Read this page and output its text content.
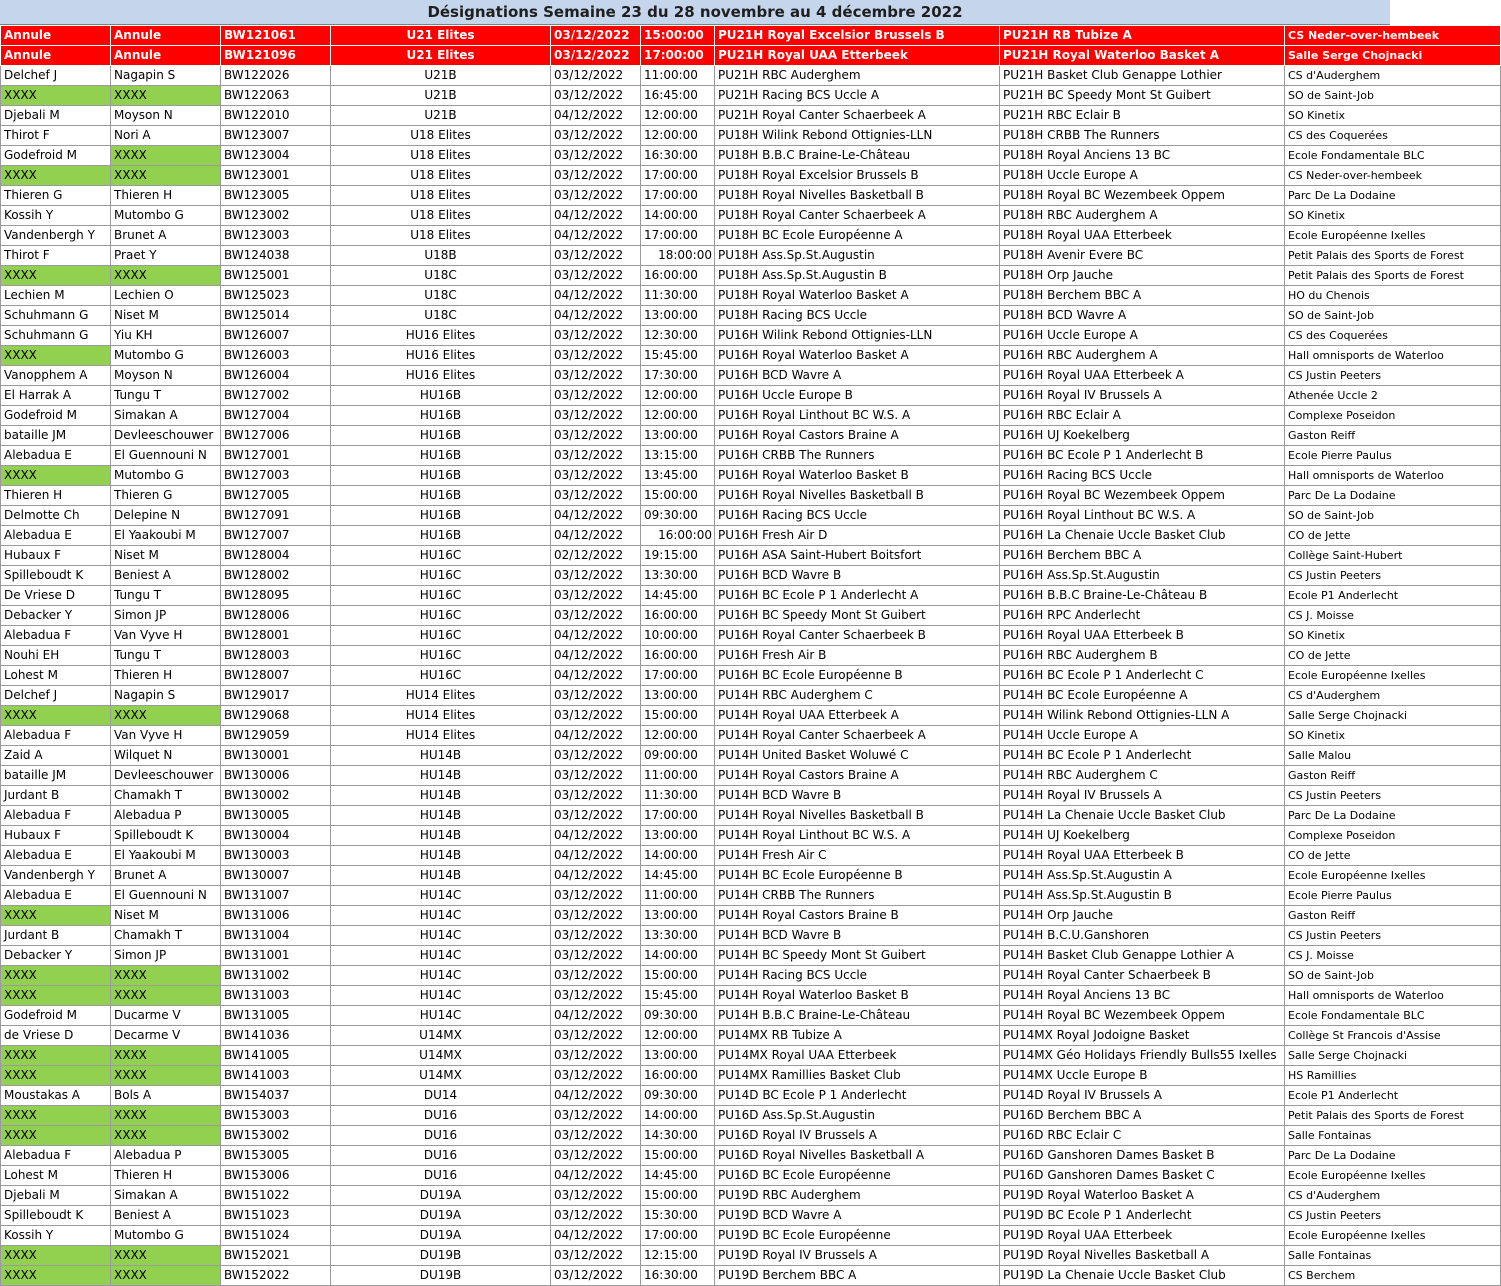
Désignations Semaine 23 du 28 novembre au 4 décembre 2022
Annule	Annule	BW121061	U21 Elites	03/12/2022	15:00:00	PU21H Royal Excelsior Brussels B	PU21H RB Tubize A	CS Neder-over-hembeek
Annule	Annule	BW121096	U21 Elites	03/12/2022	17:00:00	PU21H Royal UAA Etterbeek	PU21H Royal Waterloo Basket A	Salle Serge Chojnacki
Delchef J	Nagapin S	BW122026	U21B	03/12/2022	11:00:00	PU21H RBC Auderghem	PU21H Basket Club Genappe Lothier	CS d'Auderghem
XXXX	XXXX	BW122063	U21B	03/12/2022	16:45:00	PU21H Racing BCS Uccle A	PU21H BC Speedy Mont St Guibert	SO de Saint-Job
Djebali M	Moyson N	BW122010	U21B	04/12/2022	12:00:00	PU21H Royal Canter Schaerbeek A	PU21H RBC Eclair B	SO Kinetix
Thirot F	Nori A	BW123007	U18 Elites	03/12/2022	12:00:00	PU18H Wilink Rebond Ottignies-LLN	PU18H CRBB The Runners	CS des Coquerées
Godefroid M	XXXX	BW123004	U18 Elites	03/12/2022	16:30:00	PU18H B.B.C Braine-Le-Château	PU18H Royal Anciens 13 BC	Ecole Fondamentale BLC
XXXX	XXXX	BW123001	U18 Elites	03/12/2022	17:00:00	PU18H Royal Excelsior Brussels B	PU18H Uccle Europe A	CS Neder-over-hembeek
Thieren G	Thieren H	BW123005	U18 Elites	03/12/2022	17:00:00	PU18H Royal Nivelles Basketball B	PU18H Royal BC Wezembeek Oppem	Parc De La Dodaine
Kossih Y	Mutombo G	BW123002	U18 Elites	04/12/2022	14:00:00	PU18H Royal Canter Schaerbeek A	PU18H RBC Auderghem A	SO Kinetix
Vandenbergh Y	Brunet A	BW123003	U18 Elites	04/12/2022	17:00:00	PU18H BC Ecole Européenne A	PU18H Royal UAA Etterbeek	Ecole Européenne Ixelles
Thirot F	Praet Y	BW124038	U18B	03/12/2022	18:00:00	PU18H Ass.Sp.St.Augustin	PU18H Avenir Evere BC	Petit Palais des Sports de Forest
XXXX	XXXX	BW125001	U18C	03/12/2022	16:00:00	PU18H Ass.Sp.St.Augustin B	PU18H Orp Jauche	Petit Palais des Sports de Forest
Lechien M	Lechien O	BW125023	U18C	04/12/2022	11:30:00	PU18H Royal Waterloo Basket A	PU18H Berchem BBC A	HO du Chenois
Schuhmann G	Niset M	BW125014	U18C	04/12/2022	13:00:00	PU18H Racing BCS Uccle	PU18H BCD Wavre A	SO de Saint-Job
Schuhmann G	Yiu KH	BW126007	HU16 Elites	03/12/2022	12:30:00	PU16H Wilink Rebond Ottignies-LLN	PU16H Uccle Europe A	CS des Coquerées
XXXX	Mutombo G	BW126003	HU16 Elites	03/12/2022	15:45:00	PU16H Royal Waterloo Basket A	PU16H RBC Auderghem A	Hall omnisports de Waterloo
Vanopphem A	Moyson N	BW126004	HU16 Elites	03/12/2022	17:30:00	PU16H BCD Wavre A	PU16H Royal UAA Etterbeek A	CS Justin Peeters
El Harrak A	Tungu T	BW127002	HU16B	03/12/2022	12:00:00	PU16H Uccle Europe B	PU16H Royal IV Brussels A	Athenée Uccle 2
Godefroid M	Simakan A	BW127004	HU16B	03/12/2022	12:00:00	PU16H Royal Linthout BC W.S. A	PU16H RBC Eclair A	Complexe Poseidon
bataille JM	Devleeschouwer	BW127006	HU16B	03/12/2022	13:00:00	PU16H Royal Castors Braine A	PU16H UJ Koekelberg	Gaston Reiff
Alebadua E	El Guennouni N	BW127001	HU16B	03/12/2022	13:15:00	PU16H CRBB The Runners	PU16H BC Ecole P 1 Anderlecht B	Ecole Pierre Paulus
XXXX	Mutombo G	BW127003	HU16B	03/12/2022	13:45:00	PU16H Royal Waterloo Basket B	PU16H Racing BCS Uccle	Hall omnisports de Waterloo
Thieren H	Thieren G	BW127005	HU16B	03/12/2022	15:00:00	PU16H Royal Nivelles Basketball B	PU16H Royal BC Wezembeek Oppem	Parc De La Dodaine
Delmotte Ch	Delepine N	BW127091	HU16B	04/12/2022	09:30:00	PU16H Racing BCS Uccle	PU16H Royal Linthout BC W.S. A	SO de Saint-Job
Alebadua E	El Yaakoubi M	BW127007	HU16B	04/12/2022	16:00:00	PU16H Fresh Air D	PU16H La Chenaie Uccle Basket Club	CO de Jette
Hubaux F	Niset M	BW128004	HU16C	02/12/2022	19:15:00	PU16H ASA Saint-Hubert Boitsfort	PU16H Berchem BBC A	Collège Saint-Hubert
Spilleboudt K	Beniest A	BW128002	HU16C	03/12/2022	13:30:00	PU16H BCD Wavre B	PU16H Ass.Sp.St.Augustin	CS Justin Peeters
De Vriese D	Tungu T	BW128095	HU16C	03/12/2022	14:45:00	PU16H BC Ecole P 1 Anderlecht A	PU16H B.B.C Braine-Le-Château B	Ecole P1 Anderlecht
Debacker Y	Simon JP	BW128006	HU16C	03/12/2022	16:00:00	PU16H BC Speedy Mont St Guibert	PU16H RPC Anderlecht	CS J. Moisse
Alebadua F	Van Vyve H	BW128001	HU16C	04/12/2022	10:00:00	PU16H Royal Canter Schaerbeek B	PU16H Royal UAA Etterbeek B	SO Kinetix
Nouhi EH	Tungu T	BW128003	HU16C	04/12/2022	16:00:00	PU16H Fresh Air B	PU16H RBC Auderghem B	CO de Jette
Lohest M	Thieren H	BW128007	HU16C	04/12/2022	17:00:00	PU16H BC Ecole Européenne B	PU16H BC Ecole P 1 Anderlecht C	Ecole Européenne Ixelles
Delchef J	Nagapin S	BW129017	HU14 Elites	03/12/2022	13:00:00	PU14H RBC Auderghem C	PU14H BC Ecole Européenne A	CS d'Auderghem
XXXX	XXXX	BW129068	HU14 Elites	03/12/2022	15:00:00	PU14H Royal UAA Etterbeek A	PU14H Wilink Rebond Ottignies-LLN A	Salle Serge Chojnacki
Alebadua F	Van Vyve H	BW129059	HU14 Elites	04/12/2022	12:00:00	PU14H Royal Canter Schaerbeek A	PU14H Uccle Europe A	SO Kinetix
Zaid A	Wilquet N	BW130001	HU14B	03/12/2022	09:00:00	PU14H United Basket Woluwé C	PU14H BC Ecole P 1 Anderlecht	Salle Malou
bataille JM	Devleeschouwer	BW130006	HU14B	03/12/2022	11:00:00	PU14H Royal Castors Braine A	PU14H RBC Auderghem C	Gaston Reiff
Jurdant B	Chamakh T	BW130002	HU14B	03/12/2022	11:30:00	PU14H BCD Wavre B	PU14H Royal IV Brussels A	CS Justin Peeters
Alebadua F	Alebadua P	BW130005	HU14B	03/12/2022	17:00:00	PU14H Royal Nivelles Basketball B	PU14H La Chenaie Uccle Basket Club	Parc De La Dodaine
Hubaux F	Spilleboudt K	BW130004	HU14B	04/12/2022	13:00:00	PU14H Royal Linthout BC W.S. A	PU14H UJ Koekelberg	Complexe Poseidon
Alebadua E	El Yaakoubi M	BW130003	HU14B	04/12/2022	14:00:00	PU14H Fresh Air C	PU14H Royal UAA Etterbeek B	CO de Jette
Vandenbergh Y	Brunet A	BW130007	HU14B	04/12/2022	14:45:00	PU14H BC Ecole Européenne B	PU14H Ass.Sp.St.Augustin A	Ecole Européenne Ixelles
Alebadua E	El Guennouni N	BW131007	HU14C	03/12/2022	11:00:00	PU14H CRBB The Runners	PU14H Ass.Sp.St.Augustin B	Ecole Pierre Paulus
XXXX	Niset M	BW131006	HU14C	03/12/2022	13:00:00	PU14H Royal Castors Braine B	PU14H Orp Jauche	Gaston Reiff
Jurdant B	Chamakh T	BW131004	HU14C	03/12/2022	13:30:00	PU14H BCD Wavre B	PU14H B.C.U.Ganshoren	CS Justin Peeters
Debacker Y	Simon JP	BW131001	HU14C	03/12/2022	14:00:00	PU14H BC Speedy Mont St Guibert	PU14H Basket Club Genappe Lothier A	CS J. Moisse
XXXX	XXXX	BW131002	HU14C	03/12/2022	15:00:00	PU14H Racing BCS Uccle	PU14H Royal Canter Schaerbeek B	SO de Saint-Job
XXXX	XXXX	BW131003	HU14C	03/12/2022	15:45:00	PU14H Royal Waterloo Basket B	PU14H Royal Anciens 13 BC	Hall omnisports de Waterloo
Godefroid M	Ducarme V	BW131005	HU14C	04/12/2022	09:30:00	PU14H B.B.C Braine-Le-Château	PU14H Royal BC Wezembeek Oppem	Ecole Fondamentale BLC
de Vriese D	Decarme V	BW141036	U14MX	03/12/2022	12:00:00	PU14MX RB Tubize A	PU14MX Royal Jodoigne Basket	Collège St Francois d'Assise
XXXX	XXXX	BW141005	U14MX	03/12/2022	13:00:00	PU14MX Royal UAA Etterbeek	PU14MX Géo Holidays Friendly Bulls55 Ixelles	Salle Serge Chojnacki
XXXX	XXXX	BW141003	U14MX	03/12/2022	16:00:00	PU14MX Ramillies Basket Club	PU14MX Uccle Europe B	HS Ramillies
Moustakas A	Bols A	BW154037	DU14	04/12/2022	09:30:00	PU14D BC Ecole P 1 Anderlecht	PU14D Royal IV Brussels A	Ecole P1 Anderlecht
XXXX	XXXX	BW153003	DU16	03/12/2022	14:00:00	PU16D Ass.Sp.St.Augustin	PU16D Berchem BBC A	Petit Palais des Sports de Forest
XXXX	XXXX	BW153002	DU16	03/12/2022	14:30:00	PU16D Royal IV Brussels A	PU16D RBC Eclair C	Salle Fontainas
Alebadua F	Alebadua P	BW153005	DU16	03/12/2022	15:00:00	PU16D Royal Nivelles Basketball A	PU16D Ganshoren Dames Basket B	Parc De La Dodaine
Lohest M	Thieren H	BW153006	DU16	04/12/2022	14:45:00	PU16D BC Ecole Européenne	PU16D Ganshoren Dames Basket C	Ecole Européenne Ixelles
Djebali M	Simakan A	BW151022	DU19A	03/12/2022	15:00:00	PU19D RBC Auderghem	PU19D Royal Waterloo Basket A	CS d'Auderghem
Spilleboudt K	Beniest A	BW151023	DU19A	03/12/2022	15:30:00	PU19D BCD Wavre A	PU19D BC Ecole P 1 Anderlecht	CS Justin Peeters
Kossih Y	Mutombo G	BW151024	DU19A	04/12/2022	17:00:00	PU19D BC Ecole Européenne	PU19D Royal UAA Etterbeek	Ecole Européenne Ixelles
XXXX	XXXX	BW152021	DU19B	03/12/2022	12:15:00	PU19D Royal IV Brussels A	PU19D Royal Nivelles Basketball A	Salle Fontainas
XXXX	XXXX	BW152022	DU19B	03/12/2022	16:30:00	PU19D Berchem BBC A	PU19D La Chenaie Uccle Basket Club	CS Berchem
